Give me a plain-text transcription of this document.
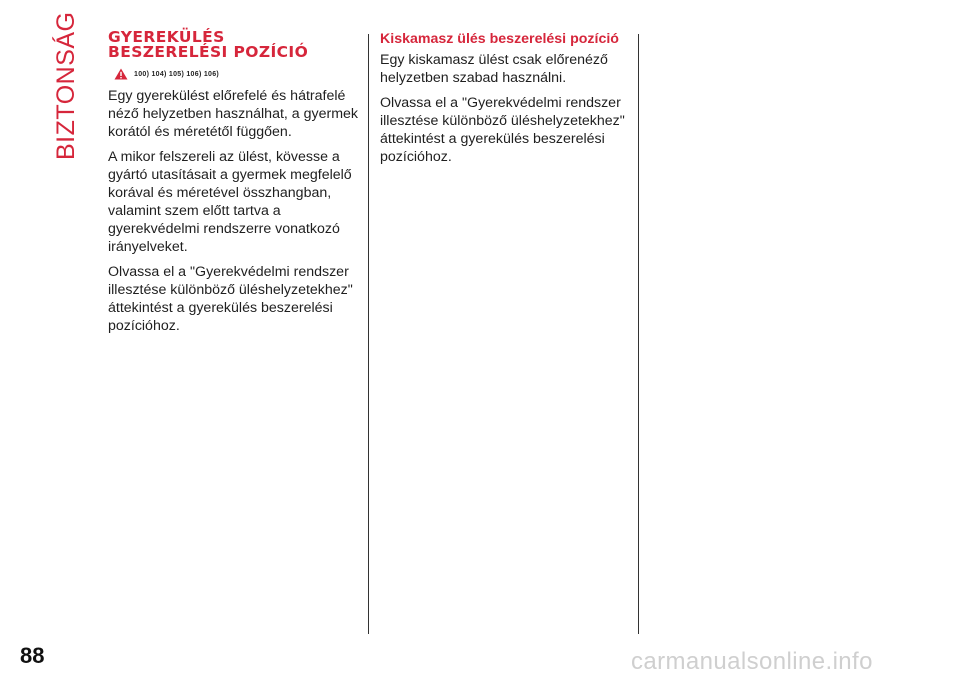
BIZTONSÁG GYEREKÜLÉS
BESZERELÉSI POZÍCIÓ
100) 104) 105) 106) 106)

Egy gyerekülést előrefelé és hátrafelé néző helyzetben használhat, a gyermek korától és méretétől függően.

A mikor felszereli az ülést, kövesse a gyártó utasításait a gyermek megfelelő korával és méretével összhangban, valamint szem előtt tartva a gyerekvédelmi rendszerre vonatkozó irányelveket.

Olvassa el a "Gyerekvédelmi rendszer illesztése különböző üléshelyzetekhez" áttekintést a gyerekülés beszerelési pozícióhoz.

Kiskamasz ülés beszerelési pozíció

Egy kiskamasz ülést csak előrenéző helyzetben szabad használni.

Olvassa el a "Gyerekvédelmi rendszer illesztése különböző üléshelyzetekhez" áttekintést a gyerekülés beszerelési pozícióhoz.

88	carmanualsonline.info
